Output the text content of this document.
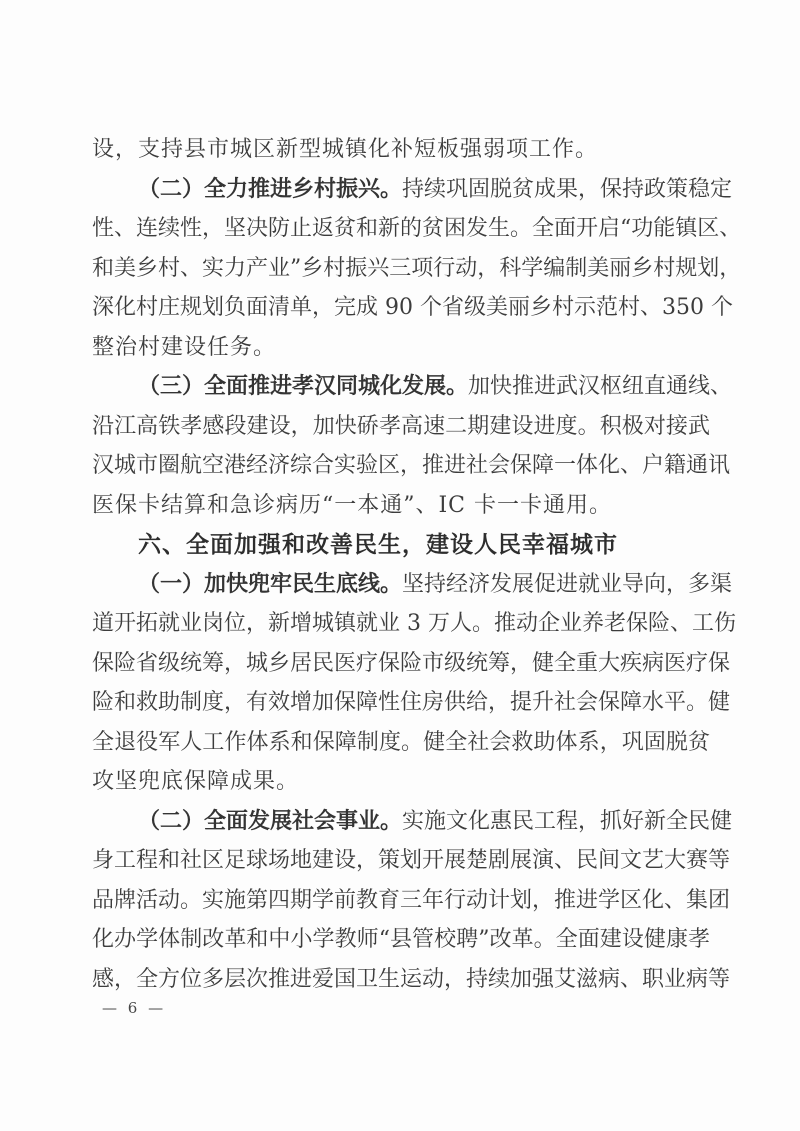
设，支持县市城区新型城镇化补短板强弱项工作。
（二）全力推进乡村振兴。持续巩固脱贫成果，保持政策稳定
性、连续性，坚决防止返贫和新的贫困发生。全面开启“功能镇区、
和美乡村、实力产业”乡村振兴三项行动，科学编制美丽乡村规划，
深化村庄规划负面清单，完成 90 个省级美丽乡村示范村、350 个
整治村建设任务。
（三）全面推进孝汉同城化发展。加快推进武汉枢纽直通线、
沿江高铁孝感段建设，加快硚孝高速二期建设进度。积极对接武
汉城市圈航空港经济综合实验区，推进社会保障一体化、户籍通讯
医保卡结算和急诊病历“一本通”、IC 卡一卡通用。
六、全面加强和改善民生，建设人民幸福城市
（一）加快兜牢民生底线。坚持经济发展促进就业导向，多渠
道开拓就业岗位，新增城镇就业 3 万人。推动企业养老保险、工伤
保险省级统筹，城乡居民医疗保险市级统筹，健全重大疾病医疗保
险和救助制度，有效增加保障性住房供给，提升社会保障水平。健
全退役军人工作体系和保障制度。健全社会救助体系，巩固脱贫
攻坚兜底保障成果。
（二）全面发展社会事业。实施文化惠民工程，抓好新全民健
身工程和社区足球场地建设，策划开展楚剧展演、民间文艺大赛等
品牌活动。实施第四期学前教育三年行动计划，推进学区化、集团
化办学体制改革和中小学教师“县管校聘”改革。全面建设健康孝
感，全方位多层次推进爱国卫生运动，持续加强艾滋病、职业病等
— 6 —
